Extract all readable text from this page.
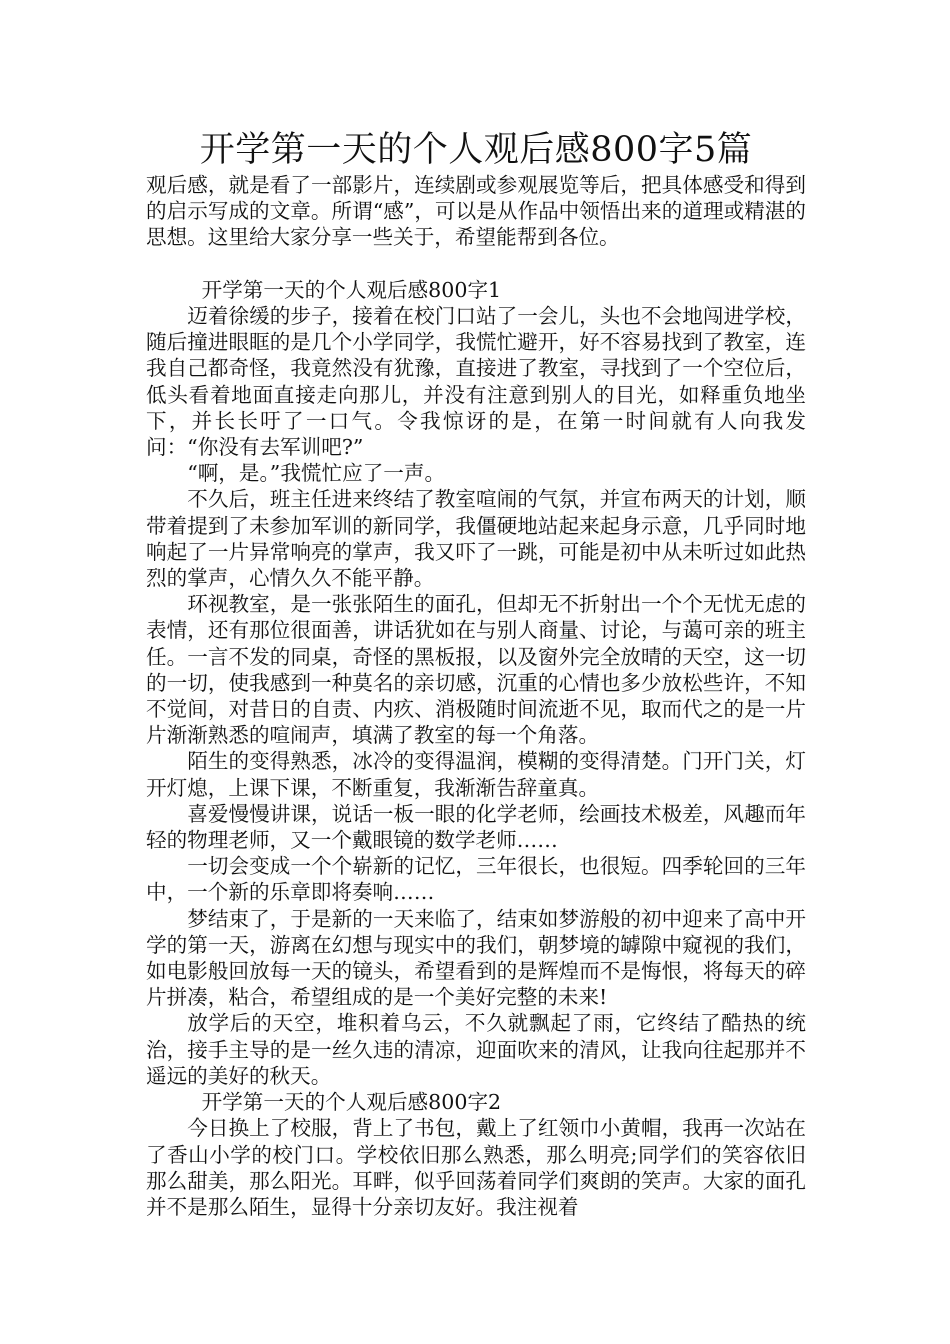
开学第一天的个人观后感800字5篇

观后感，就是看了一部影片，连续剧或参观展览等后，把具体感受和得到的启示写成的文章。所谓“感”，可以是从作品中领悟出来的道理或精湛的思想。这里给大家分享一些关于，希望能帮到各位。

开学第一天的个人观后感800字1

迈着徐缓的步子，接着在校门口站了一会儿，头也不会地闯进学校，随后撞进眼眶的是几个小学同学，我慌忙避开，好不容易找到了教室，连我自己都奇怪，我竟然没有犹豫，直接进了教室，寻找到了一个空位后，低头看着地面直接走向那儿，并没有注意到别人的目光，如释重负地坐下，并长长吁了一口气。令我惊讶的是，在第一时间就有人向我发问：“你没有去军训吧?”

“啊，是。”我慌忙应了一声。

不久后，班主任进来终结了教室喧闹的气氛，并宣布两天的计划，顺带着提到了未参加军训的新同学，我僵硬地站起来起身示意，几乎同时地响起了一片异常响亮的掌声，我又吓了一跳，可能是初中从未听过如此热烈的掌声，心情久久不能平静。

环视教室，是一张张陌生的面孔，但却无不折射出一个个无忧无虑的表情，还有那位很面善，讲话犹如在与别人商量、讨论，与蔼可亲的班主任。一言不发的同桌，奇怪的黑板报，以及窗外完全放晴的天空，这一切的一切，使我感到一种莫名的亲切感，沉重的心情也多少放松些许，不知不觉间，对昔日的自责、内疚、消极随时间流逝不见，取而代之的是一片片渐渐熟悉的喧闹声，填满了教室的每一个角落。

陌生的变得熟悉，冰冷的变得温润，模糊的变得清楚。门开门关，灯开灯熄，上课下课，不断重复，我渐渐告辞童真。

喜爱慢慢讲课，说话一板一眼的化学老师，绘画技术极差，风趣而年轻的物理老师，又一个戴眼镜的数学老师……

一切会变成一个个崭新的记忆，三年很长，也很短。四季轮回的三年中，一个新的乐章即将奏响……

梦结束了，于是新的一天来临了，结束如梦游般的初中迎来了高中开学的第一天，游离在幻想与现实中的我们，朝梦境的罅隙中窥视的我们，如电影般回放每一天的镜头，希望看到的是辉煌而不是悔恨，将每天的碎片拼凑，粘合，希望组成的是一个美好完整的未来!

放学后的天空，堆积着乌云，不久就飘起了雨，它终结了酷热的统治，接手主导的是一丝久违的清凉，迎面吹来的清风，让我向往起那并不遥远的美好的秋天。

开学第一天的个人观后感800字2

今日换上了校服，背上了书包，戴上了红领巾小黄帽，我再一次站在了香山小学的校门口。学校依旧那么熟悉，那么明亮;同学们的笑容依旧那么甜美，那么阳光。耳畔，似乎回荡着同学们爽朗的笑声。大家的面孔并不是那么陌生，显得十分亲切友好。我注视着
